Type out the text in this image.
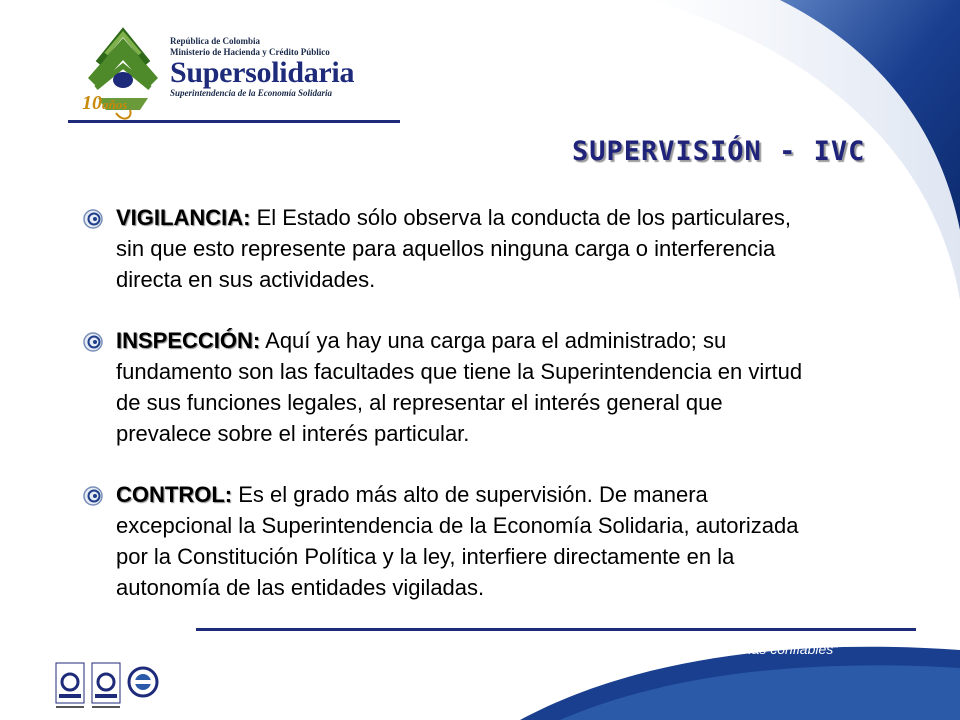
República de Colombia
Ministerio de Hacienda y Crédito Público
Supersolidaria
Superintendencia de la Economía Solidaria
10años
SUPERVISIÓN - IVC
VIGILANCIA: El Estado sólo observa la conducta de los particulares, sin que esto represente para aquellos ninguna carga o interferencia directa en sus actividades.
INSPECCIÓN: Aquí ya hay una carga para el administrado; su fundamento son las facultades que tiene la Superintendencia en virtud de sus funciones legales, al representar el interés general que prevalece sobre el interés particular.
CONTROL: Es el grado más alto de supervisión. De manera excepcional la Superintendencia de la Economía Solidaria, autorizada por la Constitución Política y la ley, interfiere directamente en la autonomía de las entidades vigiladas.
“Por unas entidades solidarias confiables”
